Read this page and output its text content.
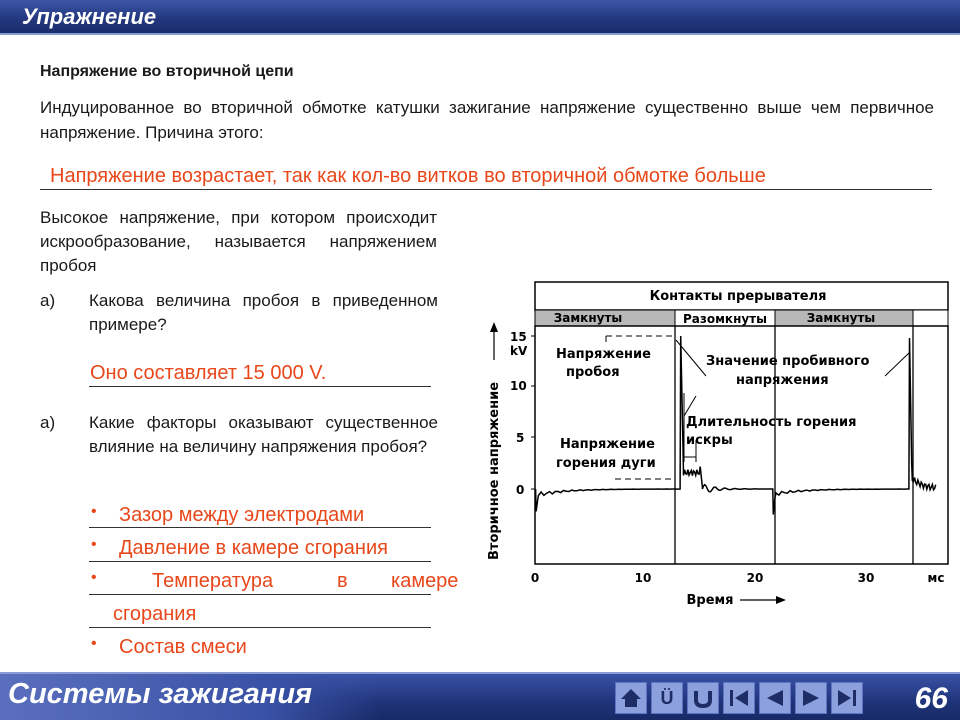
Упражнение
Напряжение во вторичной цепи
Индуцированное во вторичной обмотке катушки зажигание напряжение существенно выше чем первичное напряжение. Причина этого:
Напряжение возрастает, так как кол-во витков во вторичной обмотке больше
Высокое напряжение, при котором происходит искрообразование, называется напряжением пробоя
а) Какова величина пробоя в приведенном примере?
Оно составляет 15 000 V.
а) Какие факторы оказывают существенное влияние на величину напряжения пробоя?
• Зазор между электродами
• Давление в камере сгорания
•	Температура	в камере
сгорания
• Состав смеси
Контакты прерывателя
Замкнуты	Разомкнуты	Замкнуты
15
kV
10
5
0
Вторичное напряжение
0	10	20	30	мс
Время
Напряжение
пробоя
Значение пробивного
напряжения
Длительность горения
искры
Напряжение
горения дуги
Системы зажигания	Ü	66
